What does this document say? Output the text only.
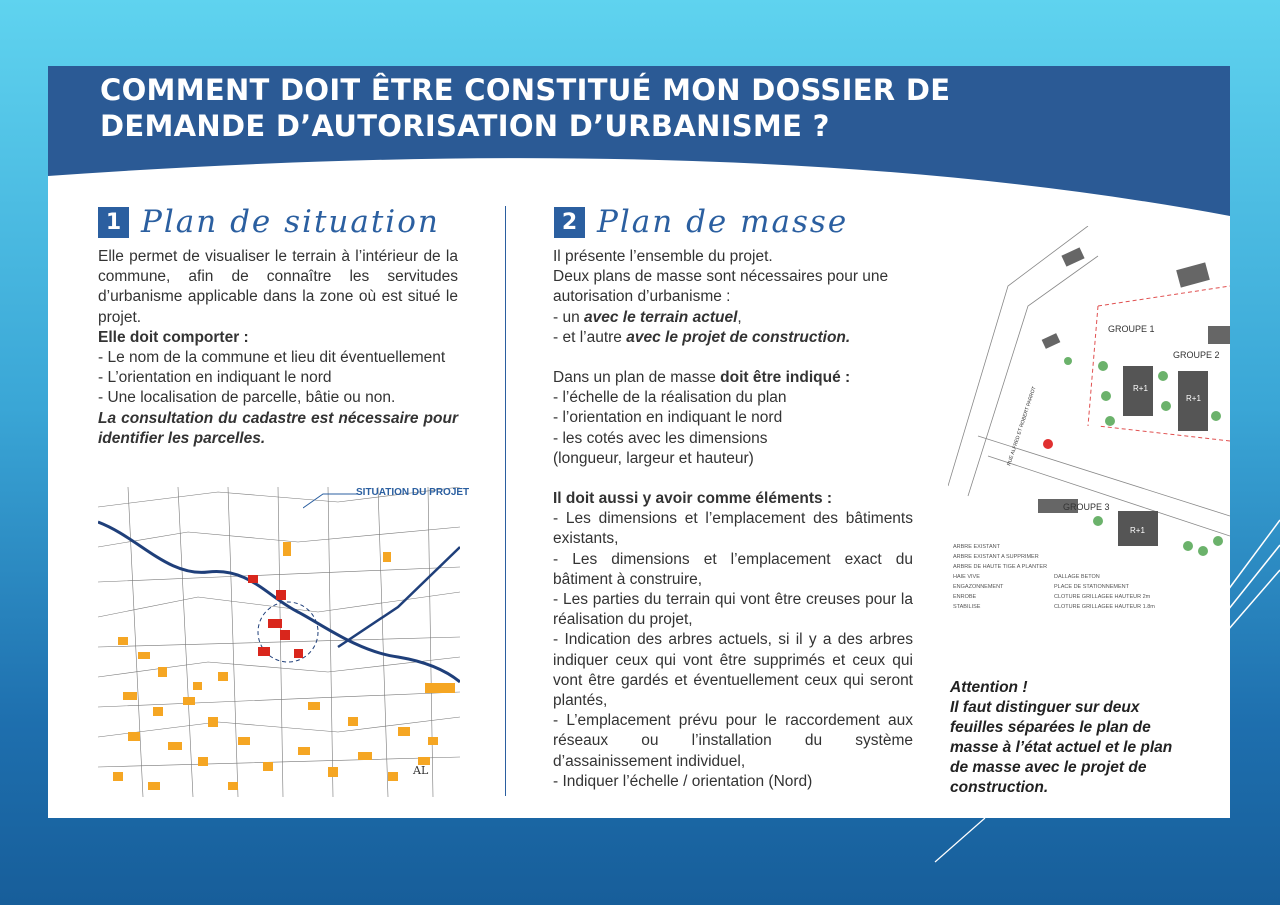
COMMENT DOIT ÊTRE CONSTITUÉ MON DOSSIER DE DEMANDE D’AUTORISATION D’URBANISME ?
1 Plan de situation

Elle permet de visualiser le terrain à l’intérieur de la commune, afin de connaître les servitudes d’urbanisme applicable dans la zone où est situé le projet.

Elle doit comporter :

- Le nom de la commune et lieu dit éventuellement

- L’orientation en indiquant le nord

- Une localisation de parcelle, bâtie ou non.

La consultation du cadastre est nécessaire pour identifier les parcelles.

AL
SITUATION DU PROJET
2 Plan de masse

Il présente l’ensemble du projet.

Deux plans de masse sont nécessaires pour une autorisation d’urbanisme :

- un avec le terrain actuel,

- et l’autre avec le projet de construction.

Dans un plan de masse doit être indiqué :

- l’échelle de la réalisation du plan

- l’orientation en indiquant le nord

- les cotés avec les dimensions

(longueur, largeur et hauteur)

Il doit aussi y avoir comme éléments :

- Les dimensions et l’emplacement des bâtiments existants,

- Les dimensions et l’emplacement exact du bâtiment à construire,

- Les parties du terrain qui vont être creuses pour la réalisation du projet,

- Indication des arbres actuels, si il y a des arbres indiquer ceux qui vont être supprimés et ceux qui vont être gardés et éventuellement ceux qui seront plantés,

- L’emplacement prévu pour le raccordement aux réseaux ou l’installation du système d’assainissement individuel,

- Indiquer l’échelle / orientation (Nord)

GROUPE 1
GROUPE 2
GROUPE 3
R+1
R+1
R+1
RUE ALFRED ET ROBERT PARROT
ARBRE EXISTANT
ARBRE EXISTANT A SUPPRIMER
ARBRE DE HAUTE TIGE A PLANTER
HAIE VIVE	DALLAGE BETON
ENGAZONNEMENT	PLACE DE STATIONNEMENT
ENROBE	CLOTURE GRILLAGEE HAUTEUR 2m
STABILISE	CLOTURE GRILLAGEE HAUTEUR 1.8m
Attention !
Il faut distinguer sur deux feuilles séparées le plan de masse à l’état actuel et le plan de masse avec le projet de construction.
